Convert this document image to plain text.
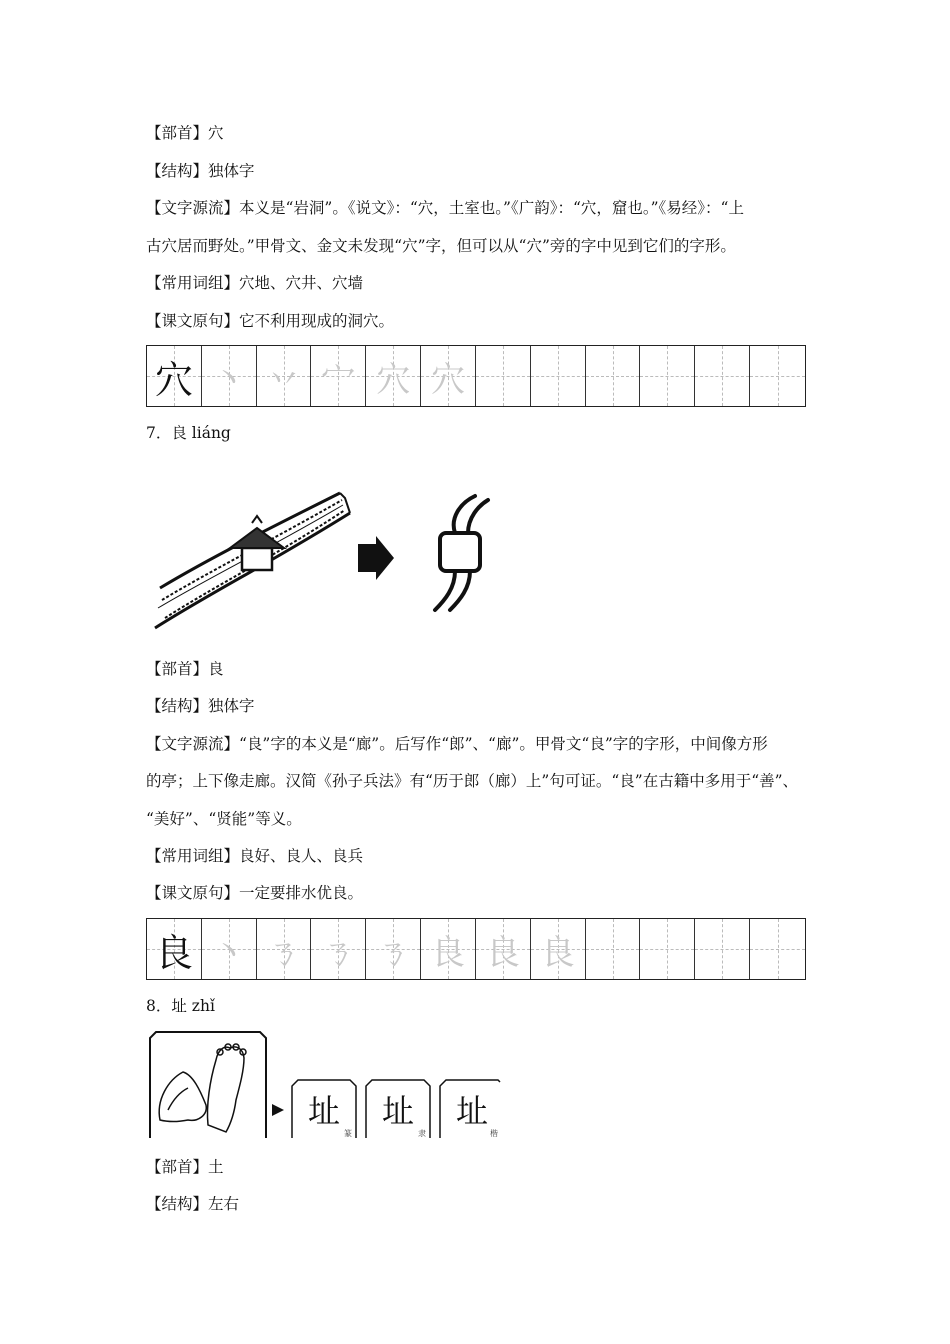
【部首】穴
【结构】独体字
【文字源流】本义是“岩洞”。《说文》：“穴，土室也。”《广韵》：“穴，窟也。”《易经》：“上
古穴居而野处。”甲骨文、金文未发现“穴”字，但可以从“穴”旁的字中见到它们的字形。
【常用词组】穴地、穴井、穴墙
【课文原句】它不利用现成的洞穴。
穴 丶 丷 宀 穴 穴
7．良 liáng
【部首】良
【结构】独体字
【文字源流】“良”字的本义是“廊”。后写作“郎”、“廊”。甲骨文“良”字的字形，中间像方形
的亭；上下像走廊。汉简《孙子兵法》有“历于郎（廊）上”句可证。“良”在古籍中多用于“善”、
“美好”、“贤能”等义。
【常用词组】良好、良人、良兵
【课文原句】一定要排水优良。
良 丶 ㄋ ㄋ ㄋ 良 良 良
8．址 zhǐ
址
篆
址
隶
址
楷
【部首】土
【结构】左右
